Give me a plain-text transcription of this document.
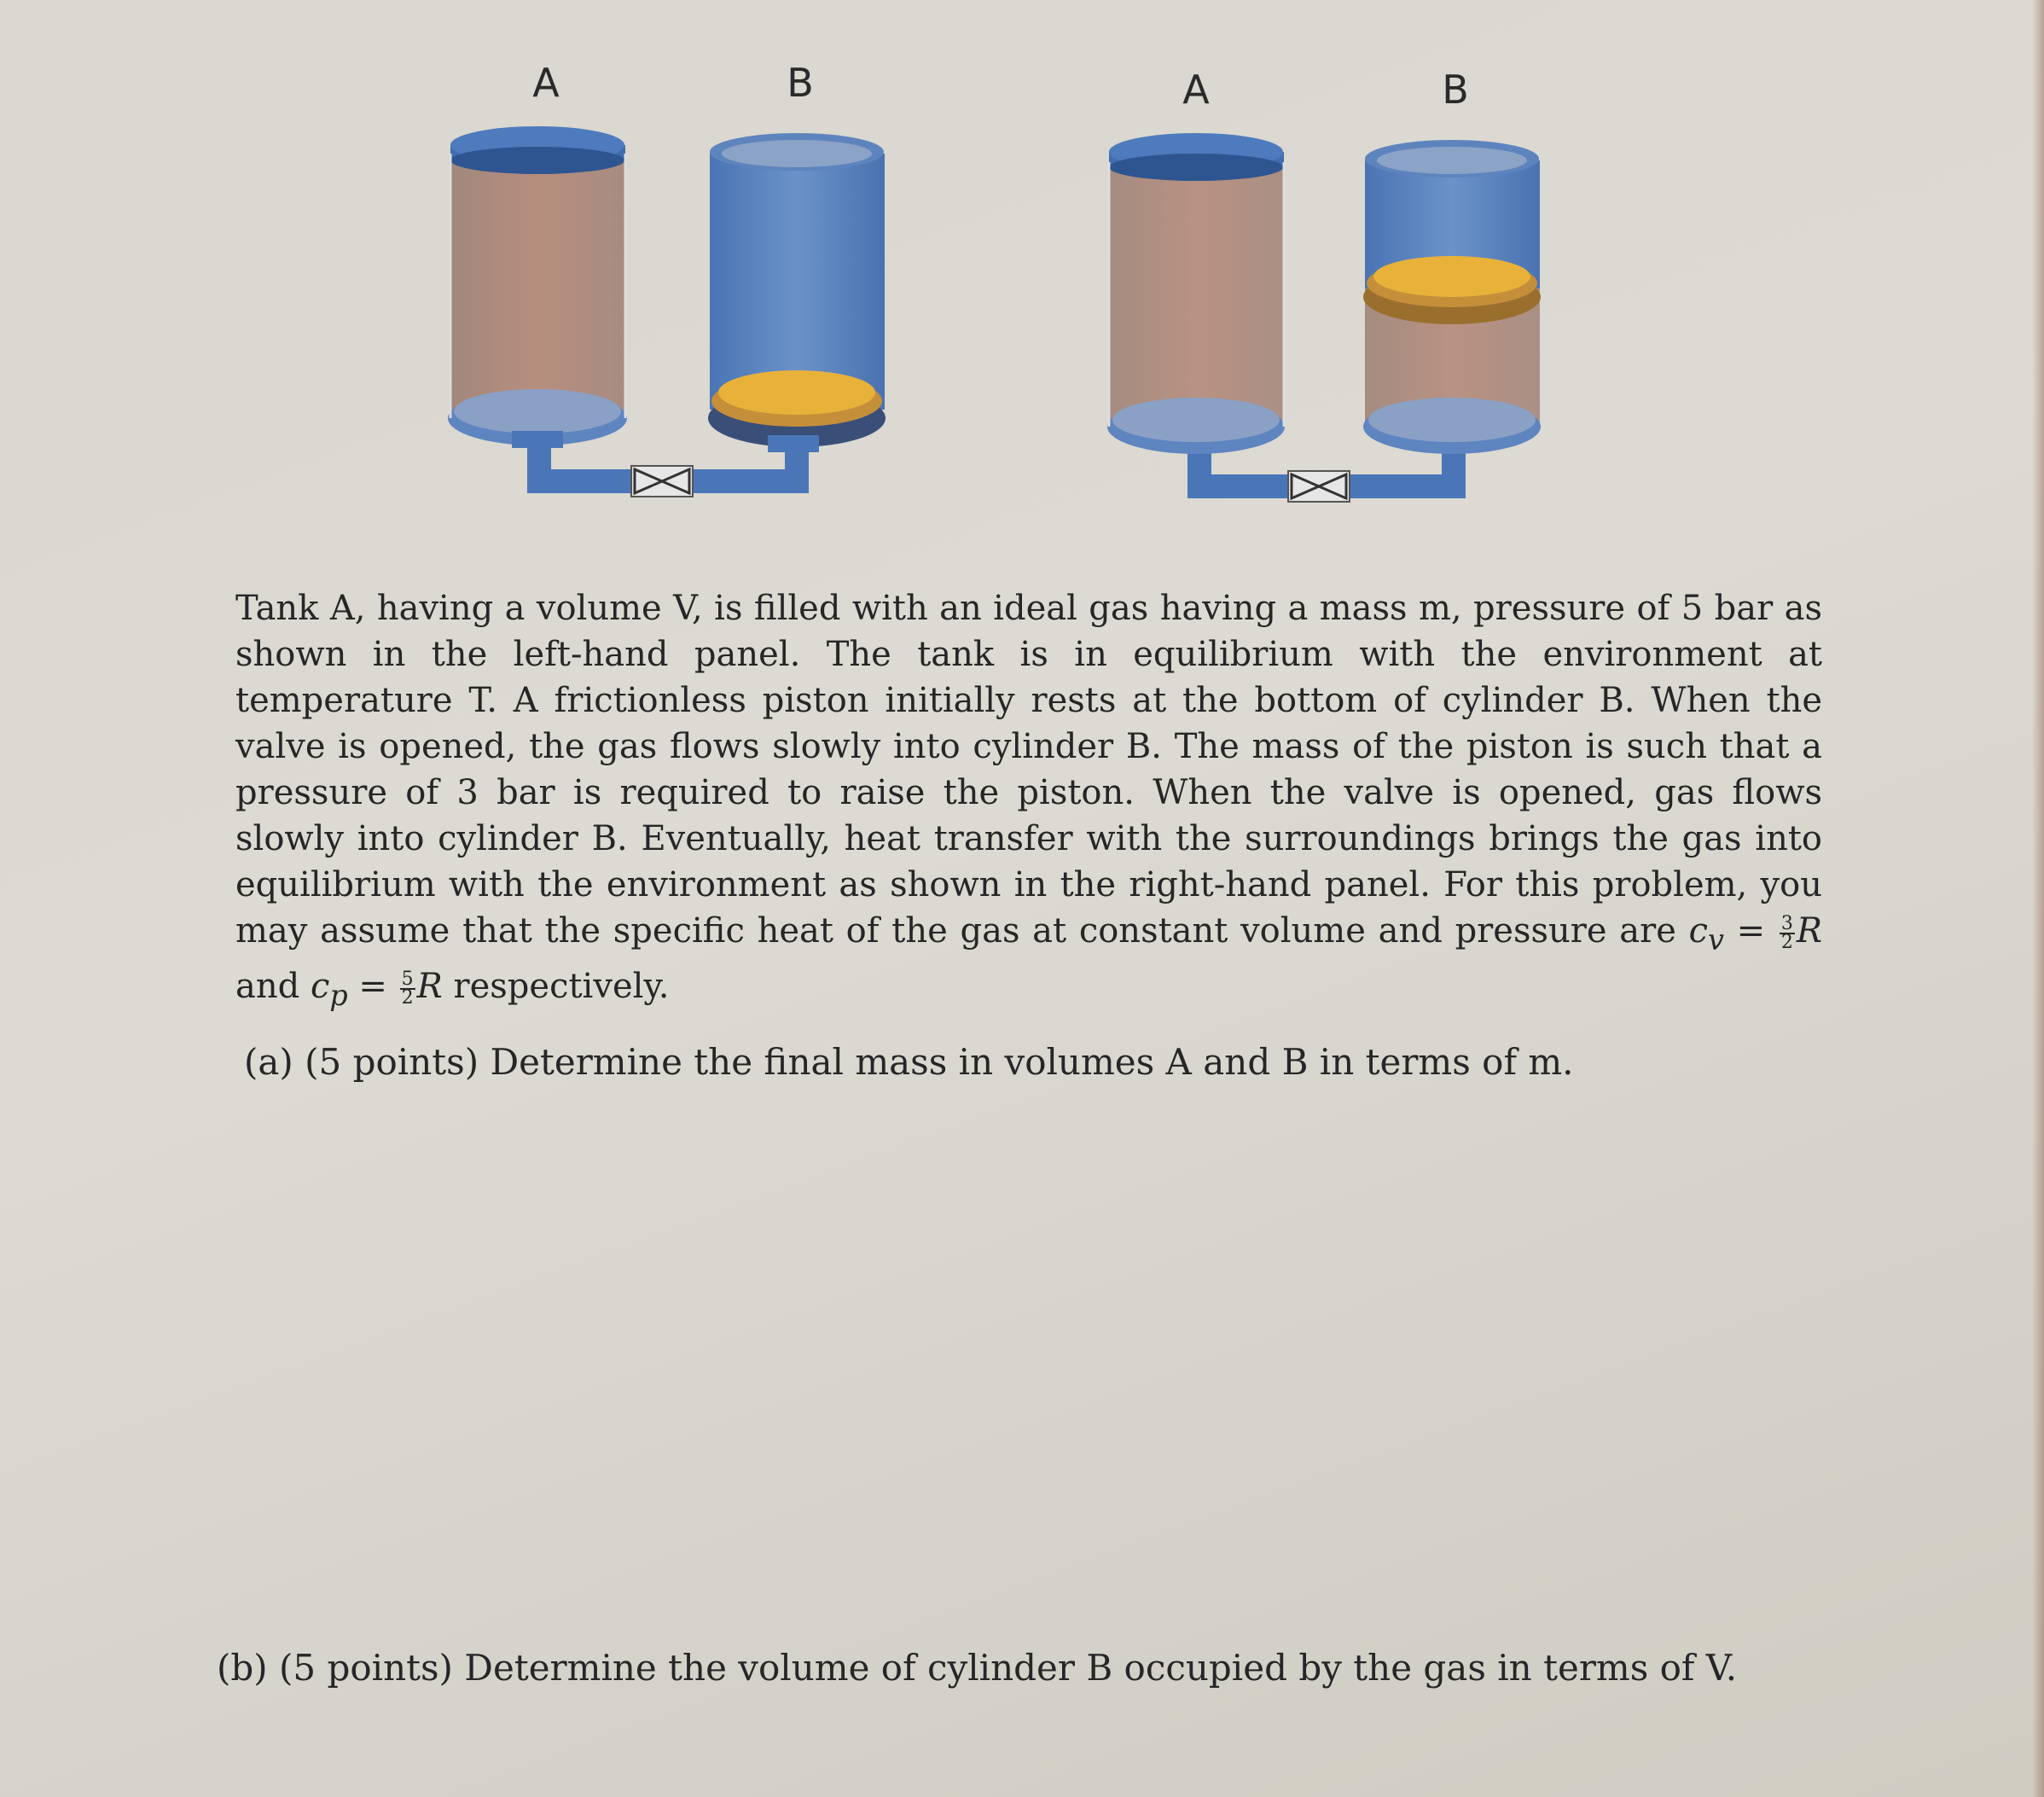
A	B	A	B

Tank A, having a volume V, is filled with an ideal gas having a mass m, pressure of 5 bar as shown in the left-hand panel. The tank is in equilibrium with the environment at temperature T. A frictionless piston initially rests at the bottom of cylinder B. When the valve is opened, the gas flows slowly into cylinder B. The mass of the piston is such that a pressure of 3 bar is required to raise the piston. When the valve is opened, gas flows slowly into cylinder B. Eventually, heat transfer with the surroundings brings the gas into equilibrium with the environment as shown in the right-hand panel. For this problem, you may assume that the specific heat of the gas at constant volume and pressure are $c_v = \frac{3}{2}$ R and $c_p = \frac{5}{2}$ R respectively.

(a) (5 points) Determine the final mass in volumes A and B in terms of m.

(b) (5 points) Determine the volume of cylinder B occupied by the gas in terms of V.
